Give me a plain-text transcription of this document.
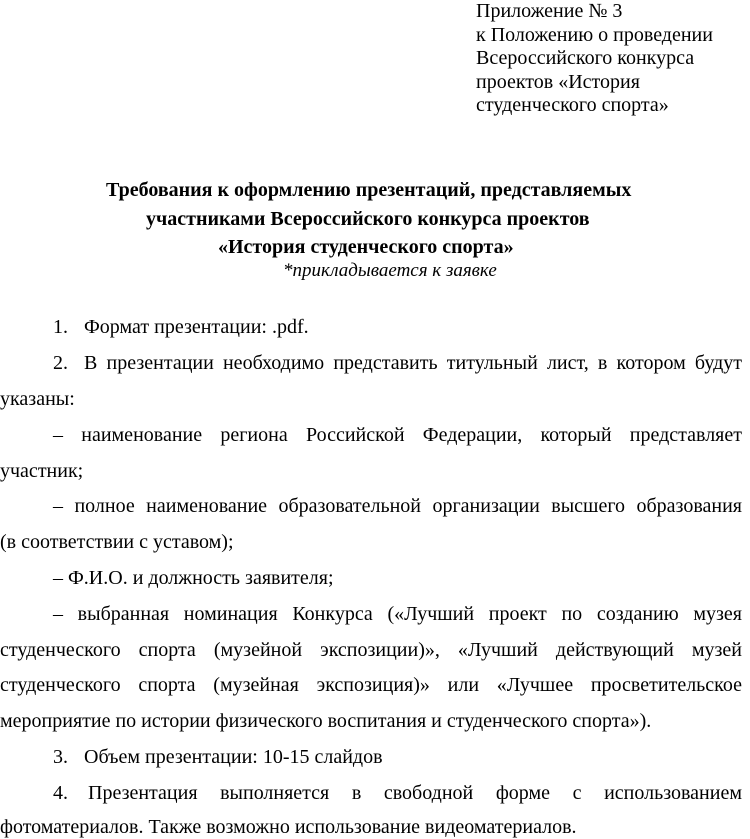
Приложение № 3
к Положению о проведении
Всероссийского конкурса
проектов «История
студенческого спорта»
Требования к оформлению презентаций, представляемых
участниками Всероссийского конкурса проектов
«История студенческого спорта»
*прикладывается к заявке
1. Формат презентации: .pdf.
2. В презентации необходимо представить титульный лист, в котором будут
указаны:
– наименование региона Российской Федерации, который представляет
участник;
– полное наименование образовательной организации высшего образования
(в соответствии с уставом);
– Ф.И.О. и должность заявителя;
– выбранная номинация Конкурса («Лучший проект по созданию музея
студенческого спорта (музейной экспозиции)», «Лучший действующий музей
студенческого спорта (музейная экспозиция)» или «Лучшее просветительское
мероприятие по истории физического воспитания и студенческого спорта»).
3. Объем презентации: 10-15 слайдов
4. Презентация выполняется в свободной форме с использованием
фотоматериалов. Также возможно использование видеоматериалов.
